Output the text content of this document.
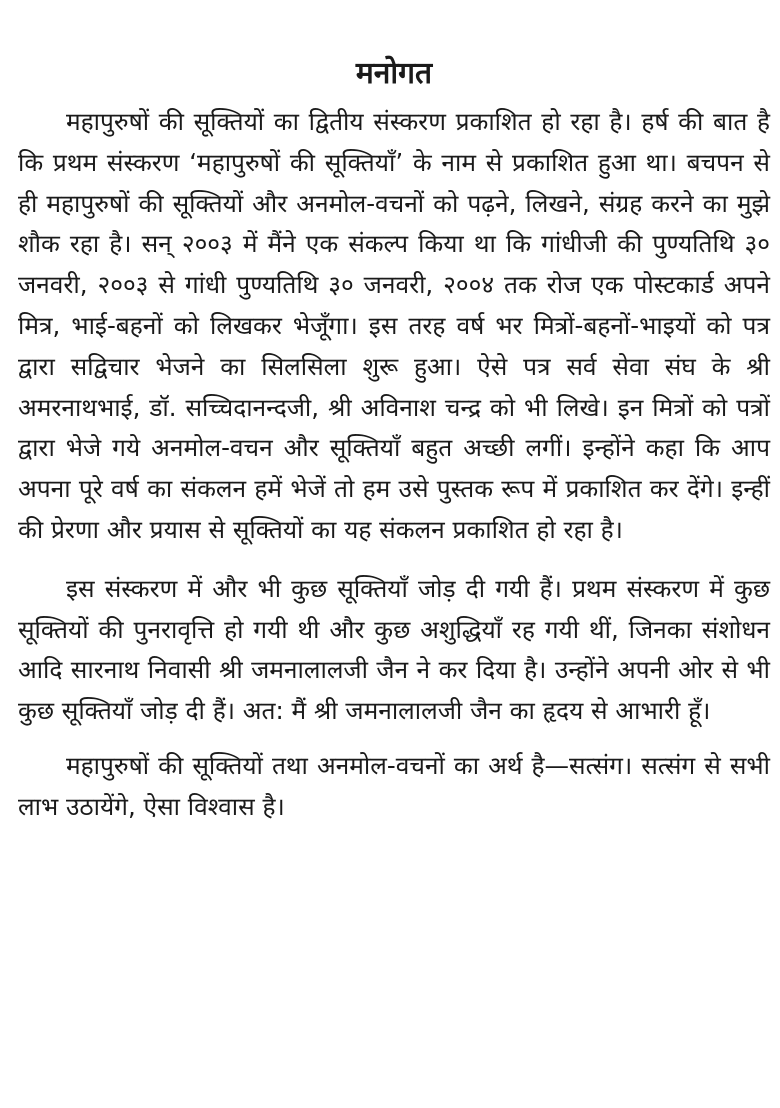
मनोगत

महापुरुषों की सूक्तियों का द्वितीय संस्करण प्रकाशित हो रहा है। हर्ष की बात है कि प्रथम संस्करण ‘महापुरुषों की सूक्तियाँ’ के नाम से प्रकाशित हुआ था। बचपन से ही महापुरुषों की सूक्तियों और अनमोल-वचनों को पढ़ने, लिखने, संग्रह करने का मुझे शौक रहा है। सन् २००३ में मैंने एक संकल्प किया था कि गांधीजी की पुण्यतिथि ३० जनवरी, २००३ से गांधी पुण्यतिथि ३० जनवरी, २००४ तक रोज एक पोस्टकार्ड अपने मित्र, भाई-बहनों को लिखकर भेजूँगा। इस तरह वर्ष भर मित्रों-बहनों-भाइयों को पत्र द्वारा सद्विचार भेजने का सिलसिला शुरू हुआ। ऐसे पत्र सर्व सेवा संघ के श्री अमरनाथभाई, डॉ. सच्चिदानन्दजी, श्री अविनाश चन्द्र को भी लिखे। इन मित्रों को पत्रों द्वारा भेजे गये अनमोल-वचन और सूक्तियाँ बहुत अच्छी लगीं। इन्होंने कहा कि आप अपना पूरे वर्ष का संकलन हमें भेजें तो हम उसे पुस्तक रूप में प्रकाशित कर देंगे। इन्हीं की प्रेरणा और प्रयास से सूक्तियों का यह संकलन प्रकाशित हो रहा है।

इस संस्करण में और भी कुछ सूक्तियाँ जोड़ दी गयी हैं। प्रथम संस्करण में कुछ सूक्तियों की पुनरावृत्ति हो गयी थी और कुछ अशुद्धियाँ रह गयी थीं, जिनका संशोधन आदि सारनाथ निवासी श्री जमनालालजी जैन ने कर दिया है। उन्होंने अपनी ओर से भी कुछ सूक्तियाँ जोड़ दी हैं। अत: मैं श्री जमनालालजी जैन का हृदय से आभारी हूँ।

महापुरुषों की सूक्तियों तथा अनमोल-वचनों का अर्थ है—सत्संग। सत्संग से सभी लाभ उठायेंगे, ऐसा विश्वास है।
